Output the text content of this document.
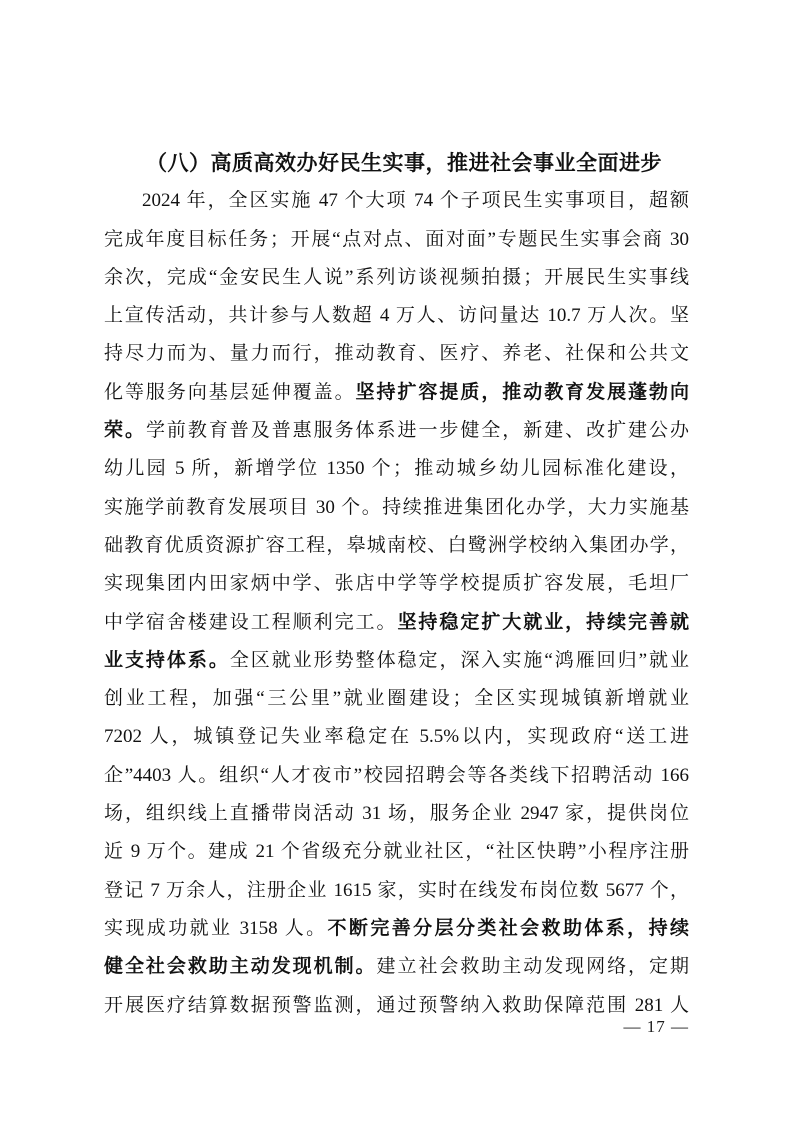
（八）高质高效办好民生实事，推进社会事业全面进步
2024 年，全区实施 47 个大项 74 个子项民生实事项目，超额
完成年度目标任务；开展“点对点、面对面”专题民生实事会商 30
余次，完成“金安民生人说”系列访谈视频拍摄；开展民生实事线
上宣传活动，共计参与人数超 4 万人、访问量达 10.7 万人次。坚
持尽力而为、量力而行，推动教育、医疗、养老、社保和公共文
化等服务向基层延伸覆盖。坚持扩容提质，推动教育发展蓬勃向
荣。学前教育普及普惠服务体系进一步健全，新建、改扩建公办
幼儿园 5 所，新增学位 1350 个；推动城乡幼儿园标准化建设，
实施学前教育发展项目 30 个。持续推进集团化办学，大力实施基
础教育优质资源扩容工程，皋城南校、白鹭洲学校纳入集团办学，
实现集团内田家炳中学、张店中学等学校提质扩容发展，毛坦厂
中学宿舍楼建设工程顺利完工。坚持稳定扩大就业，持续完善就
业支持体系。全区就业形势整体稳定，深入实施“鸿雁回归”就业
创业工程，加强“三公里”就业圈建设；全区实现城镇新增就业
7202 人，城镇登记失业率稳定在 5.5%以内，实现政府“送工进
企”4403 人。组织“人才夜市”校园招聘会等各类线下招聘活动 166
场，组织线上直播带岗活动 31 场，服务企业 2947 家，提供岗位
近 9 万个。建成 21 个省级充分就业社区，“社区快聘”小程序注册
登记 7 万余人，注册企业 1615 家，实时在线发布岗位数 5677 个，
实现成功就业 3158 人。不断完善分层分类社会救助体系，持续
健全社会救助主动发现机制。建立社会救助主动发现网络，定期
开展医疗结算数据预警监测，通过预警纳入救助保障范围 281 人
— 17 —
